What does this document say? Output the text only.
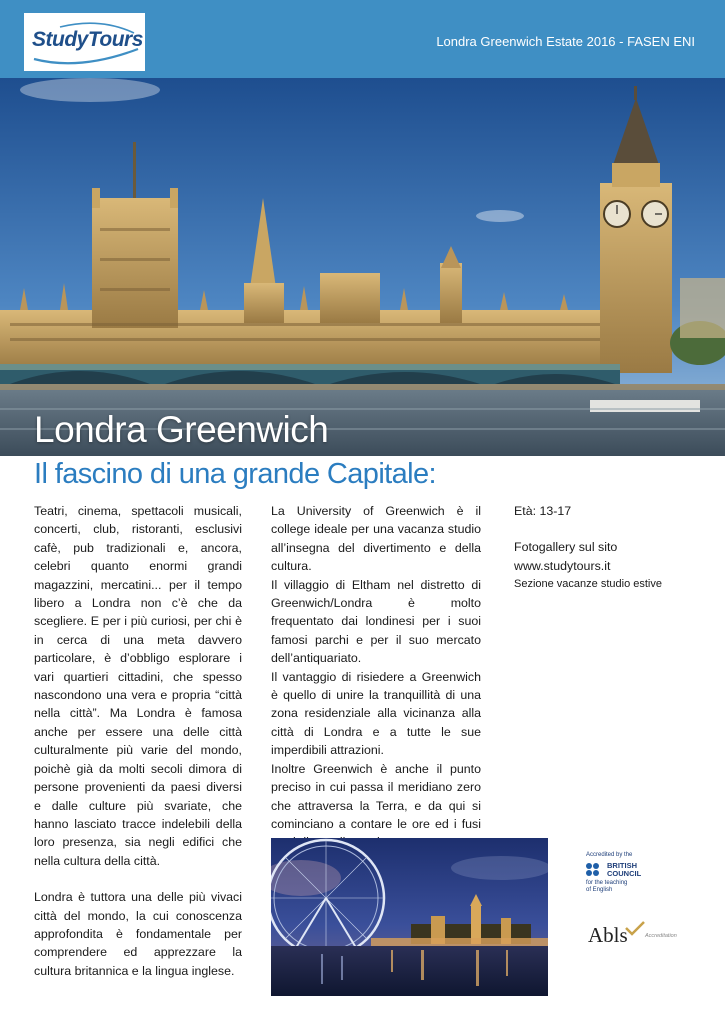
StudyTours	Londra Greenwich Estate 2016 - FASEN ENI
Londra Greenwich
Il fascino di una grande Capitale:

Teatri, cinema, spettacoli musicali, concerti, club, ristoranti, esclusivi cafè, pub tradizionali e, ancora, celebri quanto enormi grandi magazzini, mercatini... per il tempo libero a Londra non c’è che da scegliere. E per i più curiosi, per chi è in cerca di una meta davvero particolare, è d’obbligo esplorare i vari quartieri cittadini, che spesso nascondono una vera e propria “città nella città”. Ma Londra è famosa anche per essere una delle città culturalmente più varie del mondo, poichè già da molti secoli dimora di persone provenienti da paesi diversi e dalle culture più svariate, che hanno lasciato tracce indelebili della loro presenza, sia negli edifici che nella cultura della città.

Londra è tuttora una delle più vivaci città del mondo, la cui conoscenza approfondita è fondamentale per comprendere ed apprezzare la cultura britannica e la lingua inglese.

La University of Greenwich è il college ideale per una vacanza studio all’insegna del divertimento e della cultura.

Il villaggio di Eltham nel distretto di Greenwich/Londra è molto frequentato dai londinesi per i suoi famosi parchi e per il suo mercato dell’antiquariato.

Il vantaggio di risiedere a Greenwich è quello di unire la tranquillità di una zona residenziale alla vicinanza alla città di Londra e a tutte le sue imperdibili attrazioni.

Inoltre Greenwich è anche il punto preciso in cui passa il meridiano zero che attraversa la Terra, e da qui si cominciano a contare le ore ed i fusi

Età: 13-17

Fotogallery sul sito

www.studytours.it

Sezione vacanze studio estive

Accredited by the
BRITISH
COUNCIL
for the teaching of English
Abls	Accreditation
